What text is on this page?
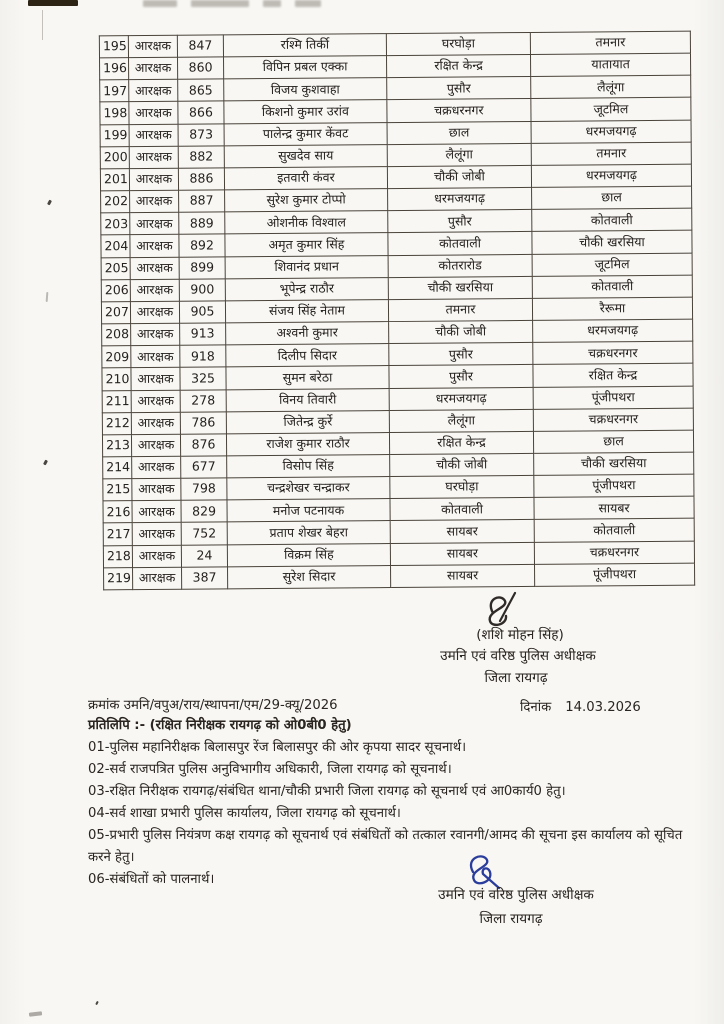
195	आरक्षक	847	रश्मि तिर्की	घरघोड़ा	तमनार
196	आरक्षक	860	विपिन प्रबल एक्का	रक्षित केन्द्र	यातायात
197	आरक्षक	865	विजय कुशवाहा	पुसौर	लैलूंगा
198	आरक्षक	866	किशनो कुमार उरांव	चक्रधरनगर	जूटमिल
199	आरक्षक	873	पालेन्द्र कुमार केंवट	छाल	धरमजयगढ़
200	आरक्षक	882	सुखदेव साय	लैलूंगा	तमनार
201	आरक्षक	886	इतवारी कंवर	चौकी जोबी	धरमजयगढ़
202	आरक्षक	887	सुरेश कुमार टोप्पो	धरमजयगढ़	छाल
203	आरक्षक	889	ओशनीक विश्वाल	पुसौर	कोतवाली
204	आरक्षक	892	अमृत कुमार सिंह	कोतवाली	चौकी खरसिया
205	आरक्षक	899	शिवानंद प्रधान	कोतरारोड	जूटमिल
206	आरक्षक	900	भूपेन्द्र राठौर	चौकी खरसिया	कोतवाली
207	आरक्षक	905	संजय सिंह नेताम	तमनार	रैरूमा
208	आरक्षक	913	अश्वनी कुमार	चौकी जोबी	धरमजयगढ़
209	आरक्षक	918	दिलीप सिदार	पुसौर	चक्रधरनगर
210	आरक्षक	325	सुमन बरेठा	पुसौर	रक्षित केन्द्र
211	आरक्षक	278	विनय तिवारी	धरमजयगढ़	पूंजीपथरा
212	आरक्षक	786	जितेन्द्र कुर्रे	लैलूंगा	चक्रधरनगर
213	आरक्षक	876	राजेश कुमार राठौर	रक्षित केन्द्र	छाल
214	आरक्षक	677	विसोप सिंह	चौकी जोबी	चौकी खरसिया
215	आरक्षक	798	चन्द्रशेखर चन्द्राकर	घरघोड़ा	पूंजीपथरा
216	आरक्षक	829	मनोज पटनायक	कोतवाली	सायबर
217	आरक्षक	752	प्रताप शेखर बेहरा	सायबर	कोतवाली
218	आरक्षक	24	विक्रम सिंह	सायबर	चक्रधरनगर
219	आरक्षक	387	सुरेश सिदार	सायबर	पूंजीपथरा
(शशि मोहन सिंह)
उमनि एवं वरिष्ठ पुलिस अधीक्षक
जिला रायगढ़
क्रमांक उमनि/वपुअ/राय/स्थापना/एम/29-क्यू/2026	दिनांक 14.03.2026
प्रतिलिपि :- (रक्षित निरीक्षक रायगढ़ को ओ0बी0 हेतु)
01-पुलिस महानिरीक्षक बिलासपुर रेंज बिलासपुर की ओर कृपया सादर सूचनार्थ।
02-सर्व राजपत्रित पुलिस अनुविभागीय अधिकारी, जिला रायगढ़ को सूचनार्थ।
03-रक्षित निरीक्षक रायगढ़/संबंधित थाना/चौकी प्रभारी जिला रायगढ़ को सूचनार्थ एवं आ0कार्य0 हेतु।
04-सर्व शाखा प्रभारी पुलिस कार्यालय, जिला रायगढ़ को सूचनार्थ।
05-प्रभारी पुलिस नियंत्रण कक्ष रायगढ़ को सूचनार्थ एवं संबंधितों को तत्काल रवानगी/आमद की सूचना इस कार्यालय को सूचित करने हेतु।
06-संबंधितों को पालनार्थ।
उमनि एवं वरिष्ठ पुलिस अधीक्षक
जिला रायगढ़
